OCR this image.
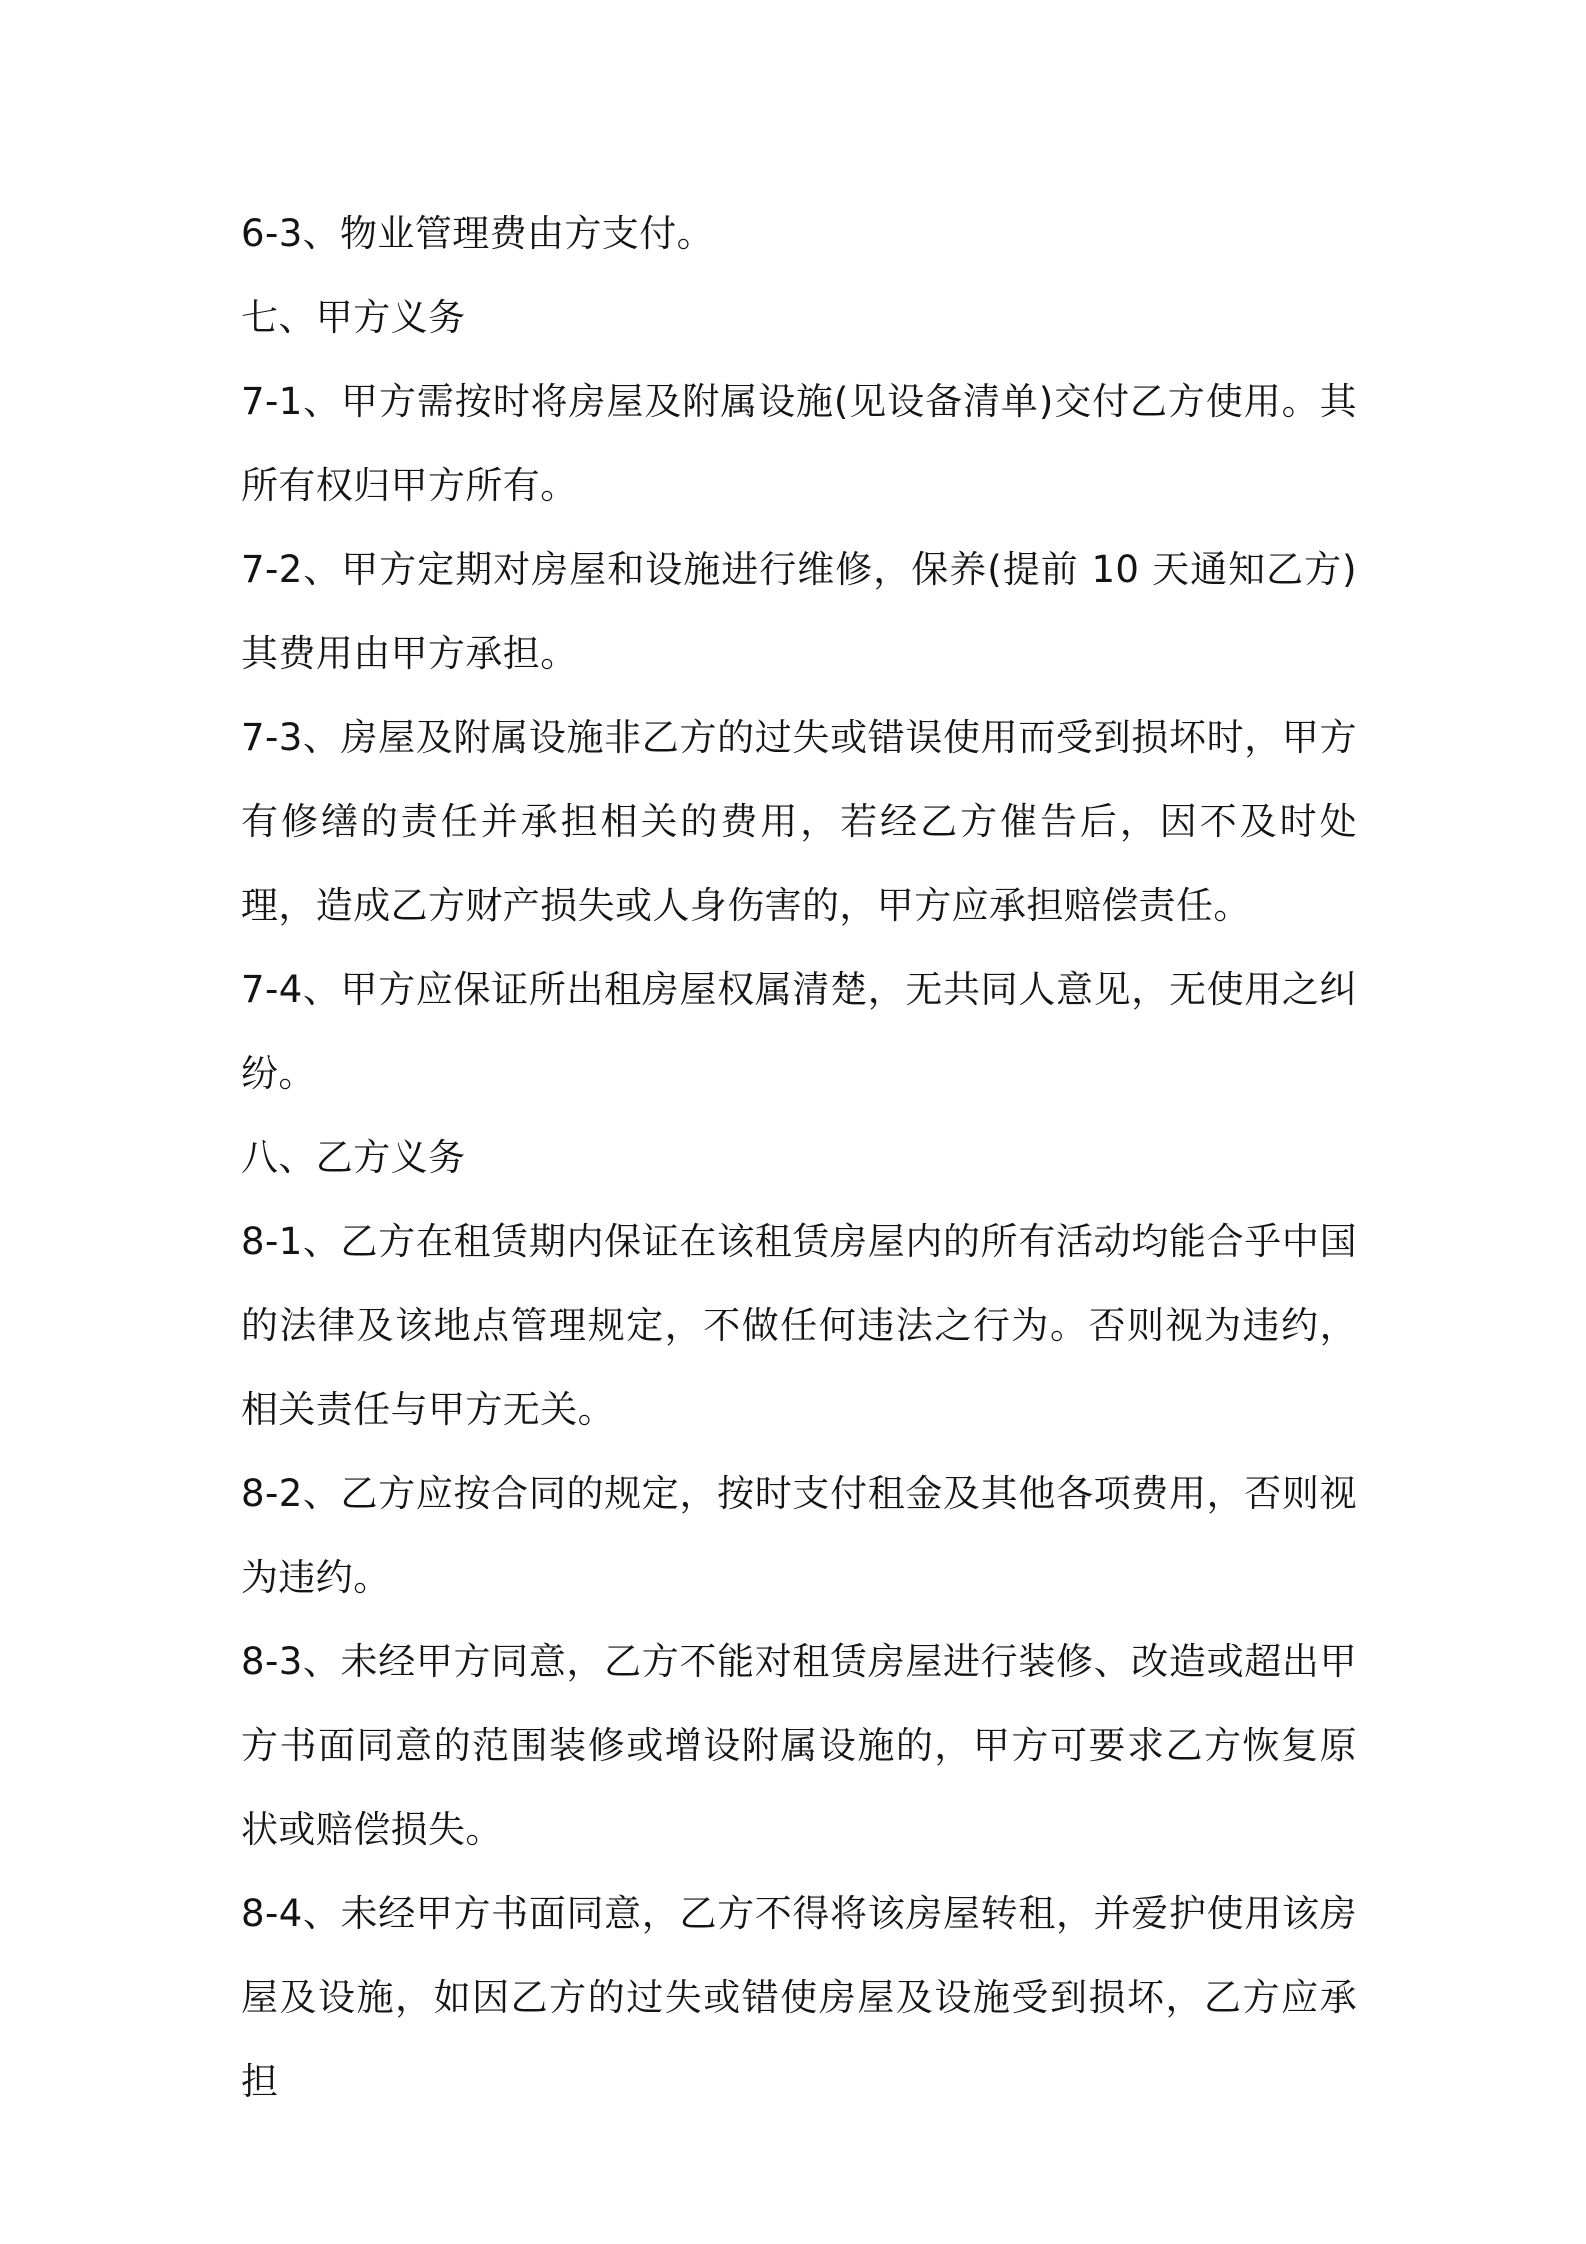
6-3、物业管理费由方支付。

七、甲方义务

7-1、甲方需按时将房屋及附属设施(见设备清单)交付乙方使用。其所有权归甲方所有。

7-2、甲方定期对房屋和设施进行维修，保养(提前 10 天通知乙方)其费用由甲方承担。

7-3、房屋及附属设施非乙方的过失或错误使用而受到损坏时，甲方有修缮的责任并承担相关的费用，若经乙方催告后，因不及时处理，造成乙方财产损失或人身伤害的，甲方应承担赔偿责任。

7-4、甲方应保证所出租房屋权属清楚，无共同人意见，无使用之纠纷。

八、乙方义务

8-1、乙方在租赁期内保证在该租赁房屋内的所有活动均能合乎中国的法律及该地点管理规定，不做任何违法之行为。否则视为违约，相关责任与甲方无关。

8-2、乙方应按合同的规定，按时支付租金及其他各项费用，否则视为违约。

8-3、未经甲方同意，乙方不能对租赁房屋进行装修、改造或超出甲方书面同意的范围装修或增设附属设施的，甲方可要求乙方恢复原状或赔偿损失。

8-4、未经甲方书面同意，乙方不得将该房屋转租，并爱护使用该房屋及设施，如因乙方的过失或错使房屋及设施受到损坏，乙方应承担
